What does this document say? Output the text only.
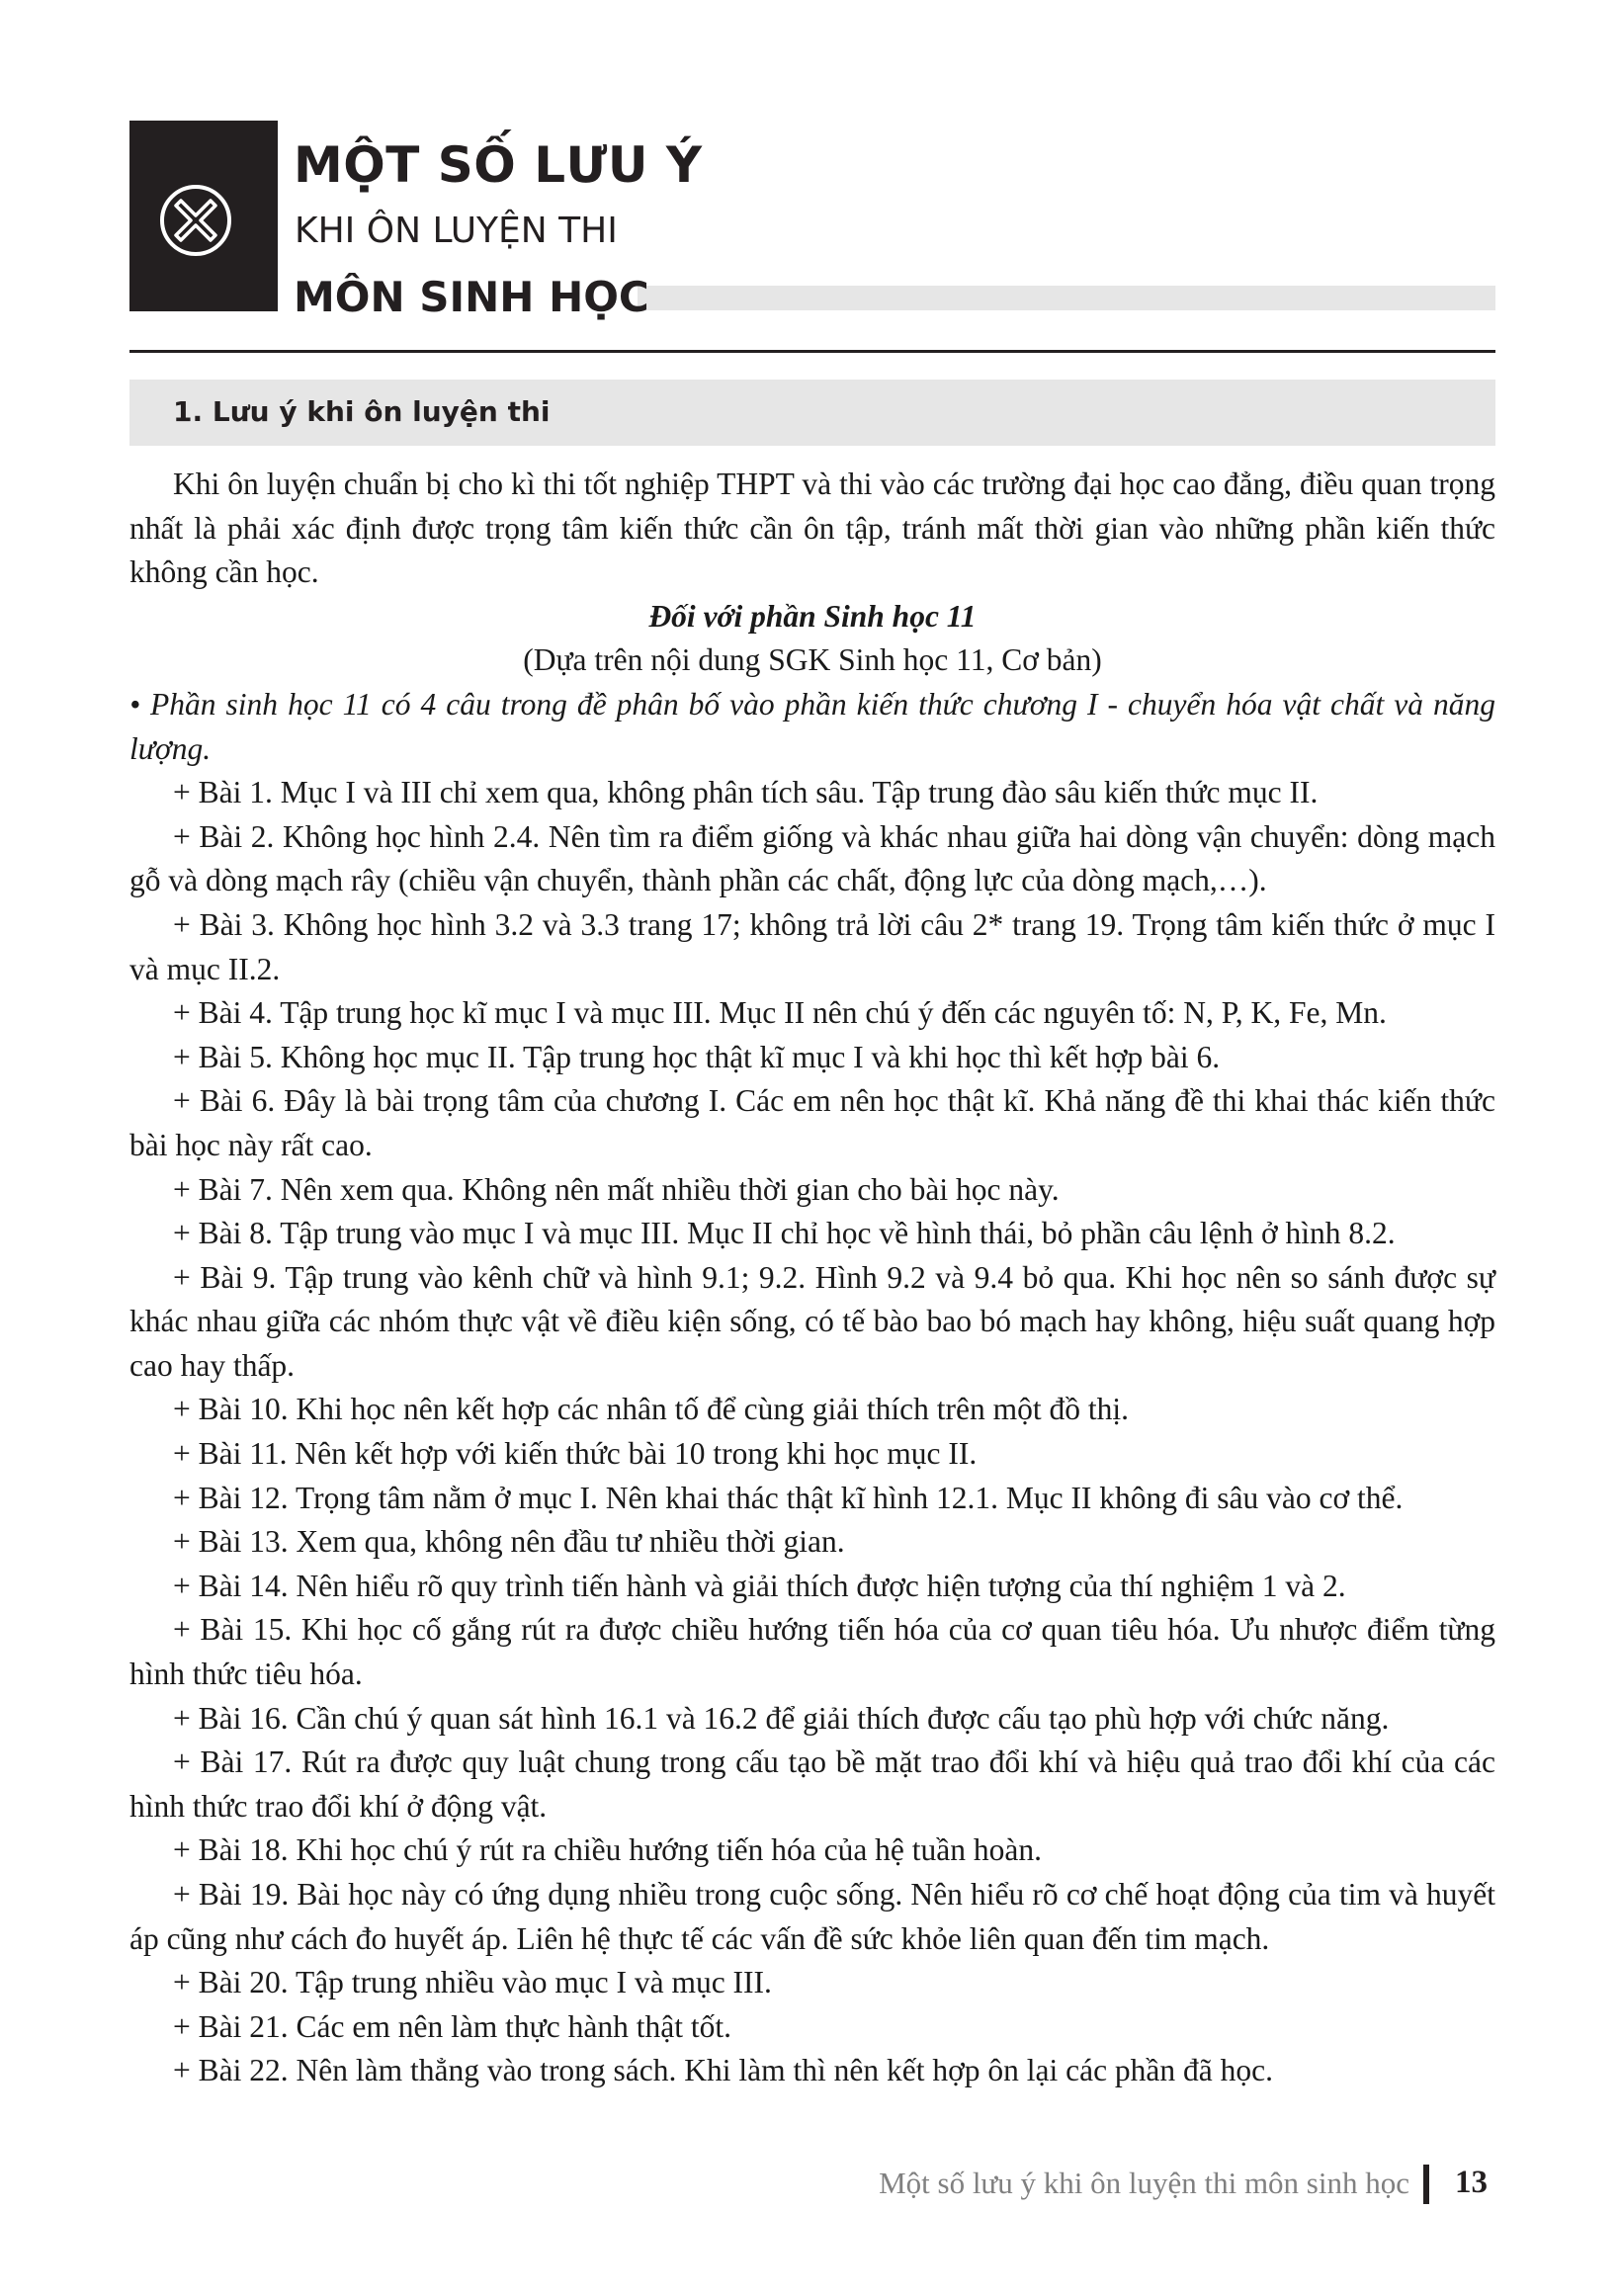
MỘT SỐ LƯU Ý
KHI ÔN LUYỆN THI
MÔN SINH HỌC
1. Lưu ý khi ôn luyện thi

Khi ôn luyện chuẩn bị cho kì thi tốt nghiệp THPT và thi vào các trường đại học cao đẳng, điều quan trọng nhất là phải xác định được trọng tâm kiến thức cần ôn tập, tránh mất thời gian vào những phần kiến thức không cần học.

Đối với phần Sinh học 11

(Dựa trên nội dung SGK Sinh học 11, Cơ bản)

• Phần sinh học 11 có 4 câu trong đề phân bố vào phần kiến thức chương I - chuyển hóa vật chất và năng lượng.

+ Bài 1. Mục I và III chỉ xem qua, không phân tích sâu. Tập trung đào sâu kiến thức mục II.

+ Bài 2. Không học hình 2.4. Nên tìm ra điểm giống và khác nhau giữa hai dòng vận chuyển: dòng mạch gỗ và dòng mạch rây (chiều vận chuyển, thành phần các chất, động lực của dòng mạch,…).

+ Bài 3. Không học hình 3.2 và 3.3 trang 17; không trả lời câu 2* trang 19. Trọng tâm kiến thức ở mục I và mục II.2.

+ Bài 4. Tập trung học kĩ mục I và mục III. Mục II nên chú ý đến các nguyên tố: N, P, K, Fe, Mn.

+ Bài 5. Không học mục II. Tập trung học thật kĩ mục I và khi học thì kết hợp bài 6.

+ Bài 6. Đây là bài trọng tâm của chương I. Các em nên học thật kĩ. Khả năng đề thi khai thác kiến thức bài học này rất cao.

+ Bài 7. Nên xem qua. Không nên mất nhiều thời gian cho bài học này.

+ Bài 8. Tập trung vào mục I và mục III. Mục II chỉ học về hình thái, bỏ phần câu lệnh ở hình 8.2.

+ Bài 9. Tập trung vào kênh chữ và hình 9.1; 9.2. Hình 9.2 và 9.4 bỏ qua. Khi học nên so sánh được sự khác nhau giữa các nhóm thực vật về điều kiện sống, có tế bào bao bó mạch hay không, hiệu suất quang hợp cao hay thấp.

+ Bài 10. Khi học nên kết hợp các nhân tố để cùng giải thích trên một đồ thị.

+ Bài 11. Nên kết hợp với kiến thức bài 10 trong khi học mục II.

+ Bài 12. Trọng tâm nằm ở mục I. Nên khai thác thật kĩ hình 12.1. Mục II không đi sâu vào cơ thể.

+ Bài 13. Xem qua, không nên đầu tư nhiều thời gian.

+ Bài 14. Nên hiểu rõ quy trình tiến hành và giải thích được hiện tượng của thí nghiệm 1 và 2.

+ Bài 15. Khi học cố gắng rút ra được chiều hướng tiến hóa của cơ quan tiêu hóa. Ưu nhược điểm từng hình thức tiêu hóa.

+ Bài 16. Cần chú ý quan sát hình 16.1 và 16.2 để giải thích được cấu tạo phù hợp với chức năng.

+ Bài 17. Rút ra được quy luật chung trong cấu tạo bề mặt trao đổi khí và hiệu quả trao đổi khí của các hình thức trao đổi khí ở động vật.

+ Bài 18. Khi học chú ý rút ra chiều hướng tiến hóa của hệ tuần hoàn.

+ Bài 19. Bài học này có ứng dụng nhiều trong cuộc sống. Nên hiểu rõ cơ chế hoạt động của tim và huyết áp cũng như cách đo huyết áp. Liên hệ thực tế các vấn đề sức khỏe liên quan đến tim mạch.

+ Bài 20. Tập trung nhiều vào mục I và mục III.

+ Bài 21. Các em nên làm thực hành thật tốt.

+ Bài 22. Nên làm thẳng vào trong sách. Khi làm thì nên kết hợp ôn lại các phần đã học.

Một số lưu ý khi ôn luyện thi môn sinh học 13
